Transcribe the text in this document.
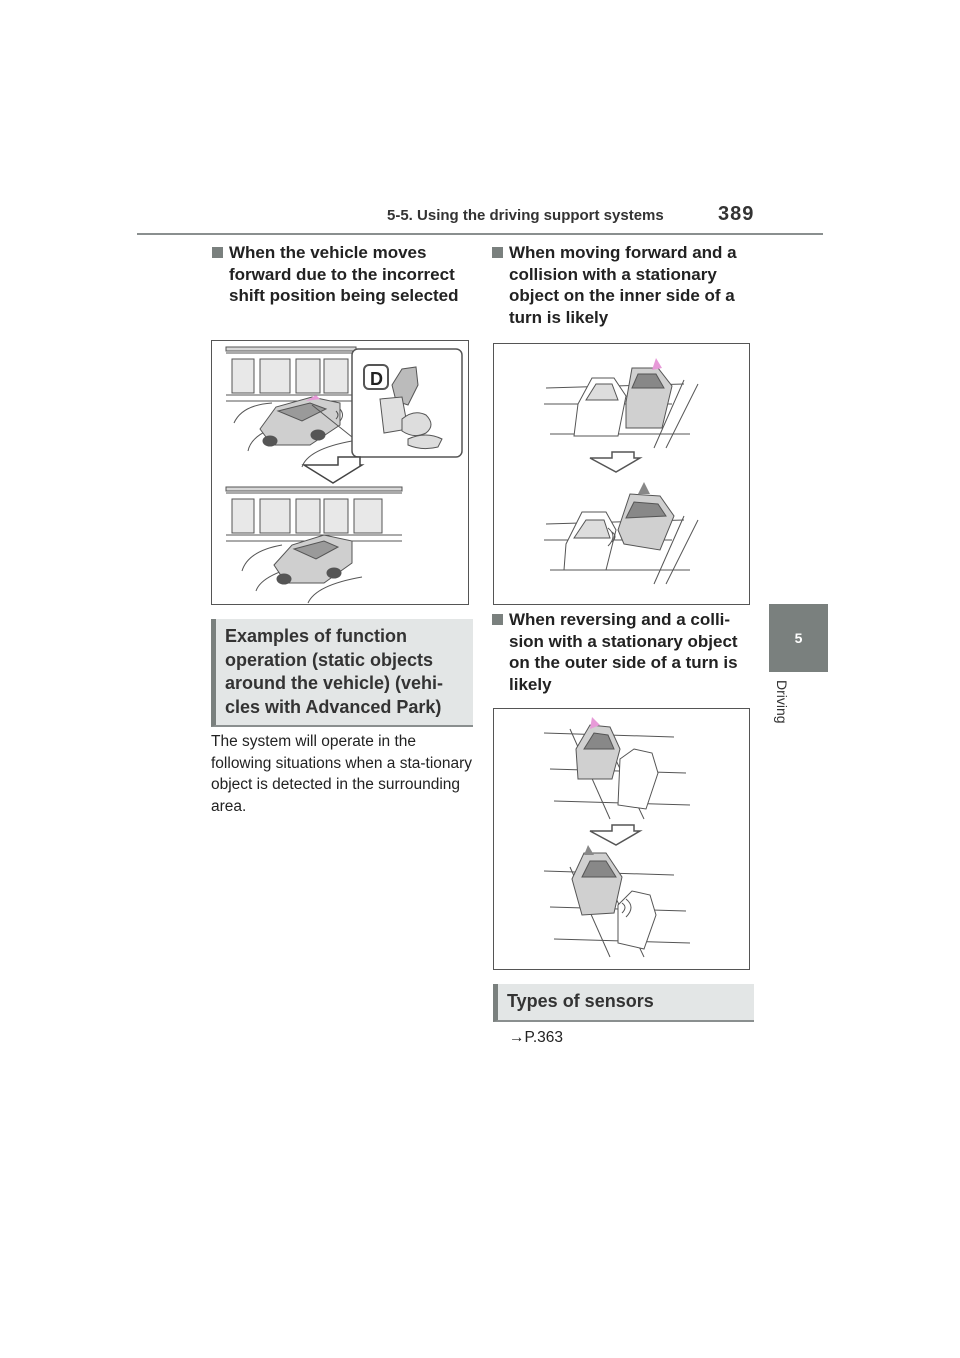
5-5. Using the driving support systems	389
5
Driving
When the vehicle moves forward due to the incorrect shift position being selected
D
Examples of function operation (static objects around the vehicle) (vehi-cles with Advanced Park)
The system will operate in the following situations when a sta-tionary object is detected in the surrounding area.
When moving forward and a collision with a stationary object on the inner side of a turn is likely
When reversing and a colli-sion with a stationary object on the outer side of a turn is likely
Types of sensors
→P.363
